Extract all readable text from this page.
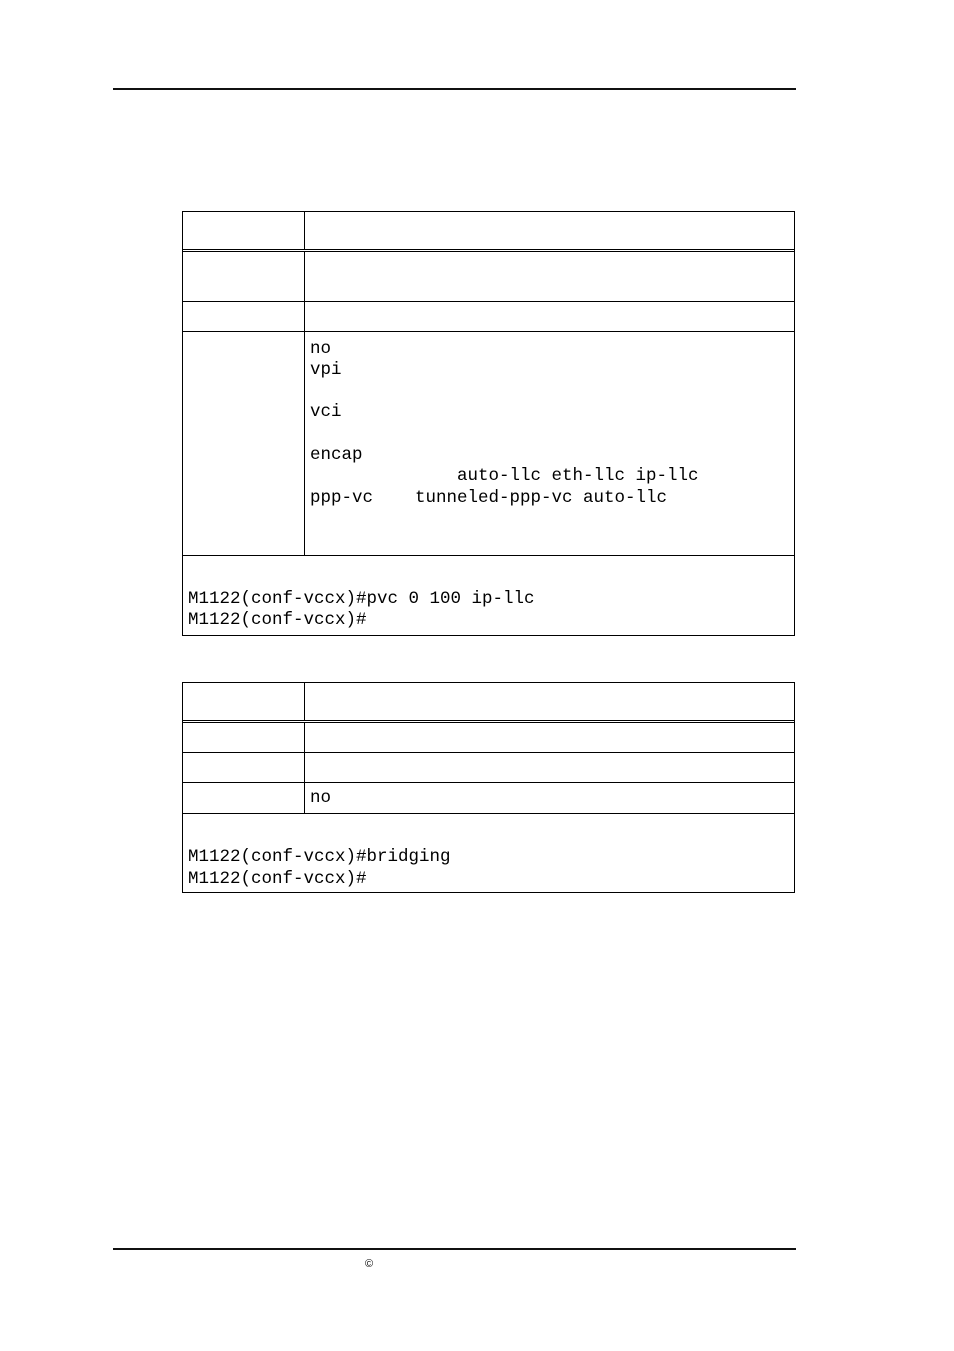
no
vpi
vci
encap
auto-llc eth-llc ip-llc
ppp-vc    tunneled-ppp-vc auto-llc
M1122(conf-vccx)#pvc 0 100 ip-llc
M1122(conf-vccx)#
no
M1122(conf-vccx)#bridging
M1122(conf-vccx)#
©
